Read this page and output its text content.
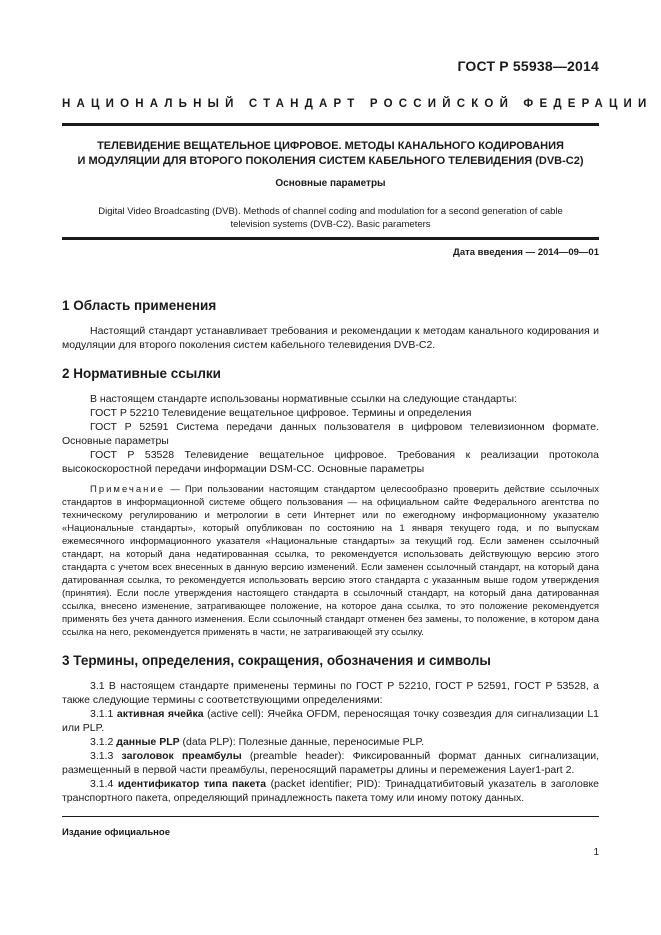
ГОСТ Р 55938—2014
НАЦИОНАЛЬНЫЙ СТАНДАРТ РОССИЙСКОЙ ФЕДЕРАЦИИ
ТЕЛЕВИДЕНИЕ ВЕЩАТЕЛЬНОЕ ЦИФРОВОЕ. МЕТОДЫ КАНАЛЬНОГО КОДИРОВАНИЯ
И МОДУЛЯЦИИ ДЛЯ ВТОРОГО ПОКОЛЕНИЯ СИСТЕМ КАБЕЛЬНОГО ТЕЛЕВИДЕНИЯ (DVB-C2)
Основные параметры
Digital Video Broadcasting (DVB). Methods of channel coding and modulation for a second generation of cable
television systems (DVB-C2). Basic parameters
Дата введения — 2014—09—01
1 Область применения

Настоящий стандарт устанавливает требования и рекомендации к методам канального кодирования и модуляции для второго поколения систем кабельного телевидения DVB-C2.

2 Нормативные ссылки

В настоящем стандарте использованы нормативные ссылки на следующие стандарты:

ГОСТ Р 52210 Телевидение вещательное цифровое. Термины и определения

ГОСТ Р 52591 Система передачи данных пользователя в цифровом телевизионном формате. Основные параметры

ГОСТ Р 53528 Телевидение вещательное цифровое. Требования к реализации протокола высокоскоростной передачи информации DSM-CC. Основные параметры

Примечание — При пользовании настоящим стандартом целесообразно проверить действие ссылочных стандартов в информационной системе общего пользования — на официальном сайте Федерального агентства по техническому регулированию и метрологии в сети Интернет или по ежегодному информационному указателю «Национальные стандарты», который опубликован по состоянию на 1 января текущего года, и по выпускам ежемесячного информационного указателя «Национальные стандарты» за текущий год. Если заменен ссылочный стандарт, на который дана недатированная ссылка, то рекомендуется использовать действующую версию этого стандарта с учетом всех внесенных в данную версию изменений. Если заменен ссылочный стандарт, на который дана датированная ссылка, то рекомендуется использовать версию этого стандарта с указанным выше годом утверждения (принятия). Если после утверждения настоящего стандарта в ссылочный стандарт, на который дана датированная ссылка, внесено изменение, затрагивающее положение, на которое дана ссылка, то это положение рекомендуется применять без учета данного изменения. Если ссылочный стандарт отменен без замены, то положение, в котором дана ссылка на него, рекомендуется применять в части, не затрагивающей эту ссылку.

3 Термины, определения, сокращения, обозначения и символы

3.1 В настоящем стандарте применены термины по ГОСТ Р 52210, ГОСТ Р 52591, ГОСТ Р 53528, а также следующие термины с соответствующими определениями:

3.1.1 активная ячейка (active cell): Ячейка OFDM, переносящая точку созвездия для сигнализации L1 или PLP.

3.1.2 данные PLP (data PLP): Полезные данные, переносимые PLP.

3.1.3 заголовок преамбулы (preamble header): Фиксированный формат данных сигнализации, размещенный в первой части преамбулы, переносящий параметры длины и перемежения Layer1-part 2.

3.1.4 идентификатор типа пакета (packet identifier; PID): Тринадцатибитовый указатель в заголовке транспортного пакета, определяющий принадлежность пакета тому или иному потоку данных.

Издание официальное
1
